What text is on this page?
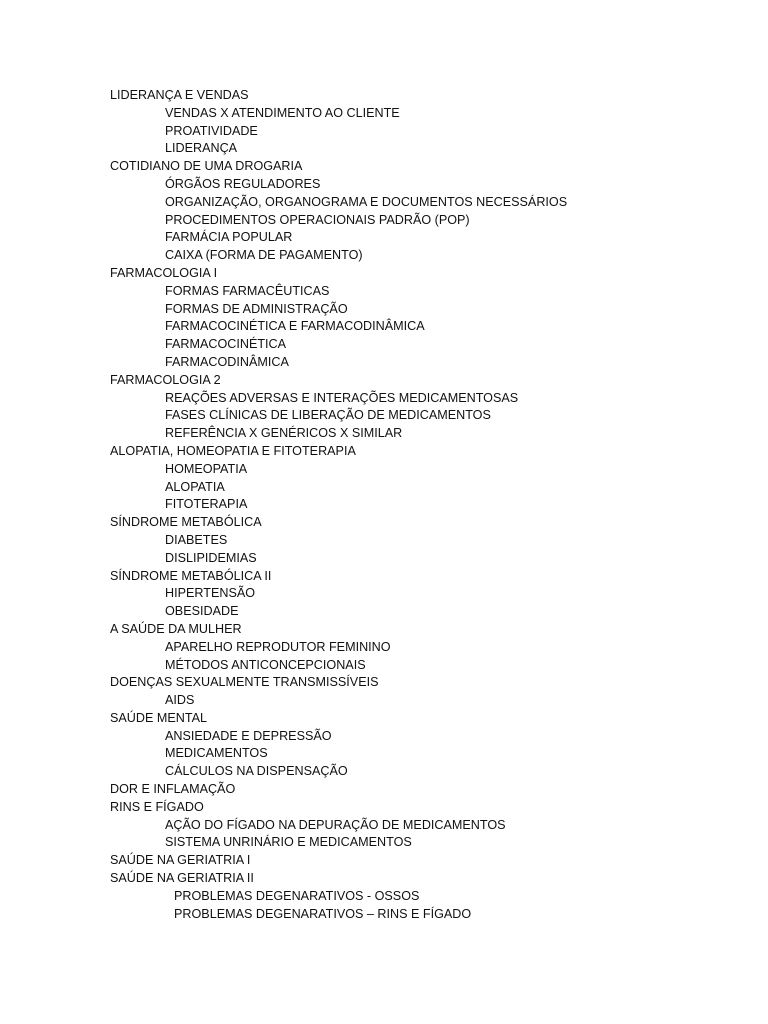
LIDERANÇA E VENDAS
VENDAS X ATENDIMENTO AO CLIENTE
PROATIVIDADE
LIDERANÇA
COTIDIANO DE UMA DROGARIA
ÓRGÃOS REGULADORES
ORGANIZAÇÃO, ORGANOGRAMA E DOCUMENTOS NECESSÁRIOS
PROCEDIMENTOS OPERACIONAIS PADRÃO (POP)
FARMÁCIA POPULAR
CAIXA (FORMA DE PAGAMENTO)
FARMACOLOGIA I
FORMAS FARMACÊUTICAS
FORMAS DE ADMINISTRAÇÃO
FARMACOCINÉTICA E FARMACODINÂMICA
FARMACOCINÉTICA
FARMACODINÂMICA
FARMACOLOGIA 2
REAÇÕES ADVERSAS E INTERAÇÕES MEDICAMENTOSAS
FASES CLÍNICAS DE LIBERAÇÃO DE MEDICAMENTOS
REFERÊNCIA X GENÉRICOS X SIMILAR
ALOPATIA, HOMEOPATIA E FITOTERAPIA
HOMEOPATIA
ALOPATIA
FITOTERAPIA
SÍNDROME METABÓLICA
DIABETES
DISLIPIDEMIAS
SÍNDROME METABÓLICA II
HIPERTENSÃO
OBESIDADE
A SAÚDE DA MULHER
APARELHO REPRODUTOR FEMININO
MÉTODOS ANTICONCEPCIONAIS
DOENÇAS SEXUALMENTE TRANSMISSÍVEIS
AIDS
SAÚDE MENTAL
ANSIEDADE E DEPRESSÃO
MEDICAMENTOS
CÁLCULOS NA DISPENSAÇÃO
DOR E INFLAMAÇÃO
RINS E FÍGADO
AÇÃO DO FÍGADO NA DEPURAÇÃO DE MEDICAMENTOS
SISTEMA UNRINÁRIO E MEDICAMENTOS
SAÚDE NA GERIATRIA I
SAÚDE NA GERIATRIA II
PROBLEMAS DEGENARATIVOS - OSSOS
PROBLEMAS DEGENARATIVOS – RINS E FÍGADO
